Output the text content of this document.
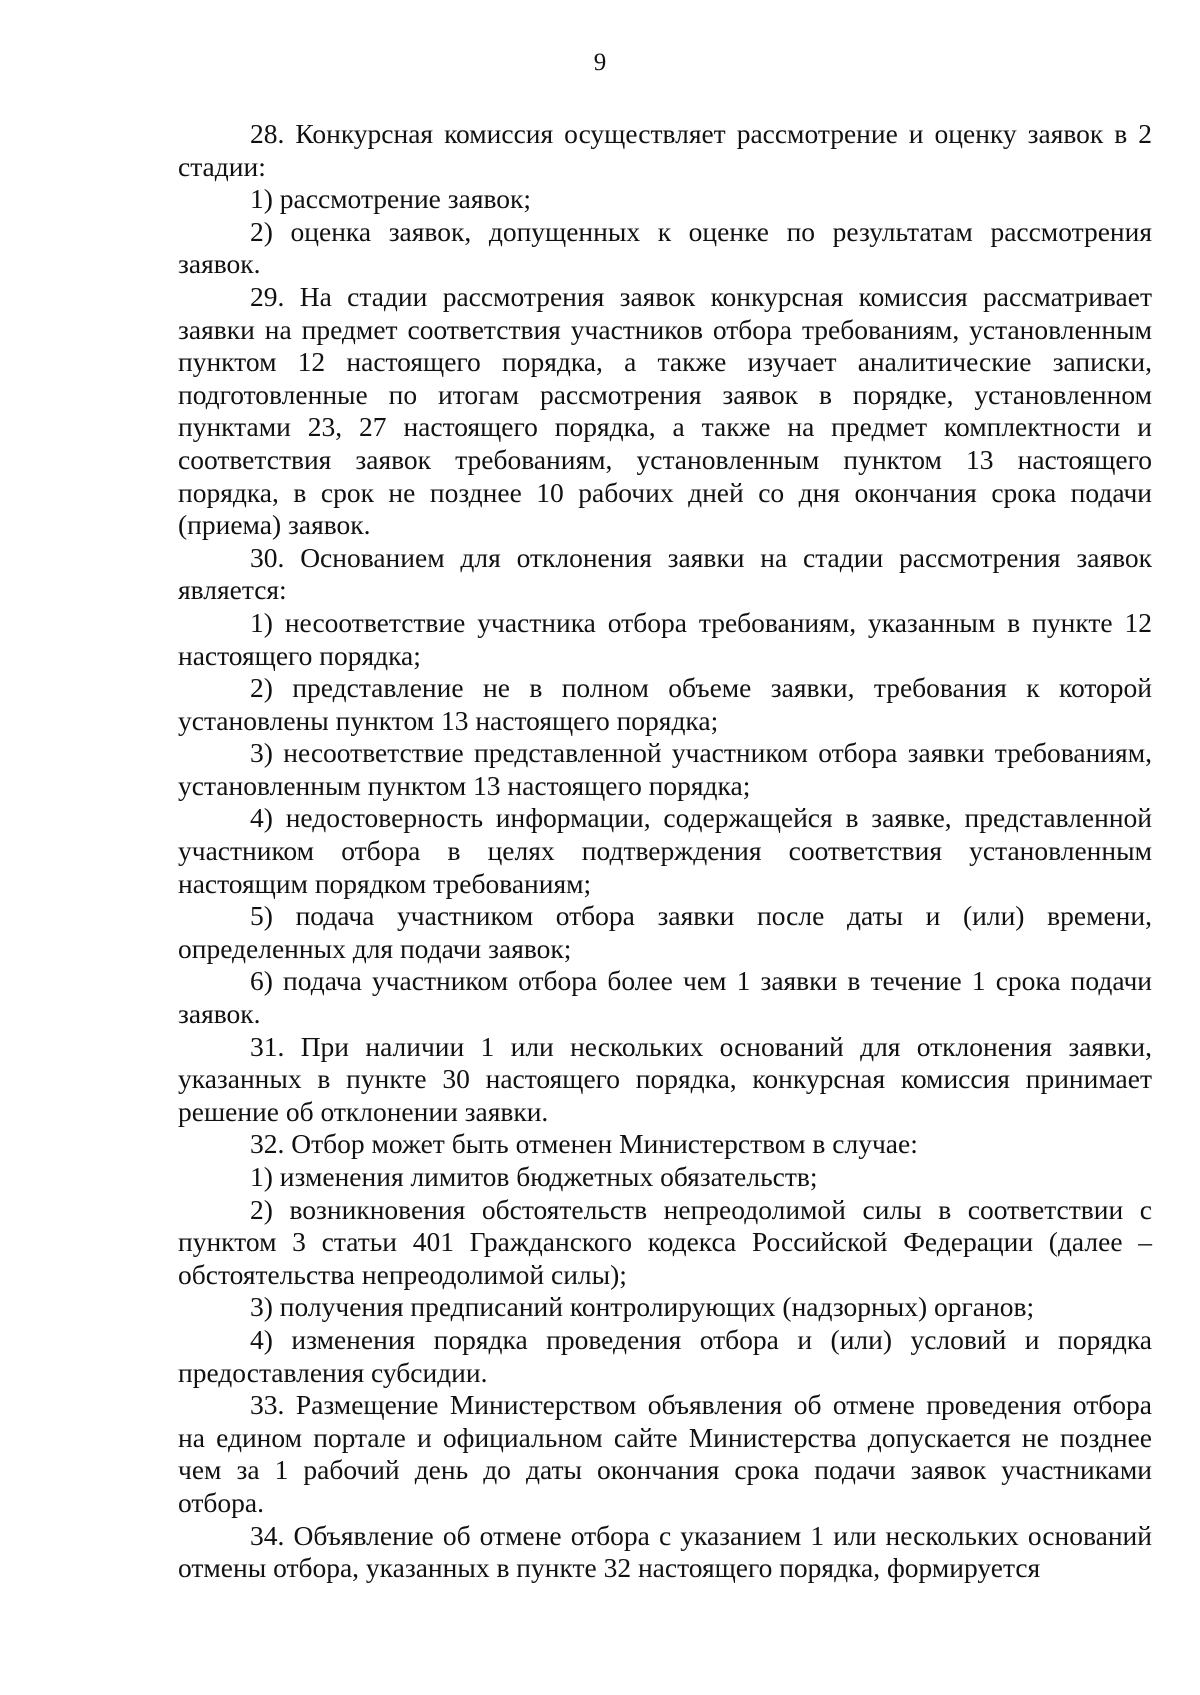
9

28. Конкурсная комиссия осуществляет рассмотрение и оценку заявок в 2 стадии:

1) рассмотрение заявок;

2) оценка заявок, допущенных к оценке по результатам рассмотрения заявок.

29. На стадии рассмотрения заявок конкурсная комиссия рассматривает заявки на предмет соответствия участников отбора требованиям, установленным пунктом 12 настоящего порядка, а также изучает аналитические записки, подготовленные по итогам рассмотрения заявок в порядке, установленном пунктами 23, 27 настоящего порядка, а также на предмет комплектности и соответствия заявок требованиям, установленным пунктом 13 настоящего порядка, в срок не позднее 10 рабочих дней со дня окончания срока подачи (приема) заявок.

30. Основанием для отклонения заявки на стадии рассмотрения заявок является:

1) несоответствие участника отбора требованиям, указанным в пункте 12 настоящего порядка;

2) представление не в полном объеме заявки, требования к которой установлены пунктом 13 настоящего порядка;

3) несоответствие представленной участником отбора заявки требованиям, установленным пунктом 13 настоящего порядка;

4) недостоверность информации, содержащейся в заявке, представленной участником отбора в целях подтверждения соответствия установленным настоящим порядком требованиям;

5) подача участником отбора заявки после даты и (или) времени, определенных для подачи заявок;

6) подача участником отбора более чем 1 заявки в течение 1 срока подачи заявок.

31. При наличии 1 или нескольких оснований для отклонения заявки, указанных в пункте 30 настоящего порядка, конкурсная комиссия принимает решение об отклонении заявки.

32. Отбор может быть отменен Министерством в случае:

1) изменения лимитов бюджетных обязательств;

2) возникновения обстоятельств непреодолимой силы в соответствии с пунктом 3 статьи 401 Гражданского кодекса Российской Федерации (далее – обстоятельства непреодолимой силы);

3) получения предписаний контролирующих (надзорных) органов;

4) изменения порядка проведения отбора и (или) условий и порядка предоставления субсидии.

33. Размещение Министерством объявления об отмене проведения отбора на едином портале и официальном сайте Министерства допускается не позднее чем за 1 рабочий день до даты окончания срока подачи заявок участниками отбора.

34. Объявление об отмене отбора с указанием 1 или нескольких оснований отмены отбора, указанных в пункте 32 настоящего порядка, формируется
